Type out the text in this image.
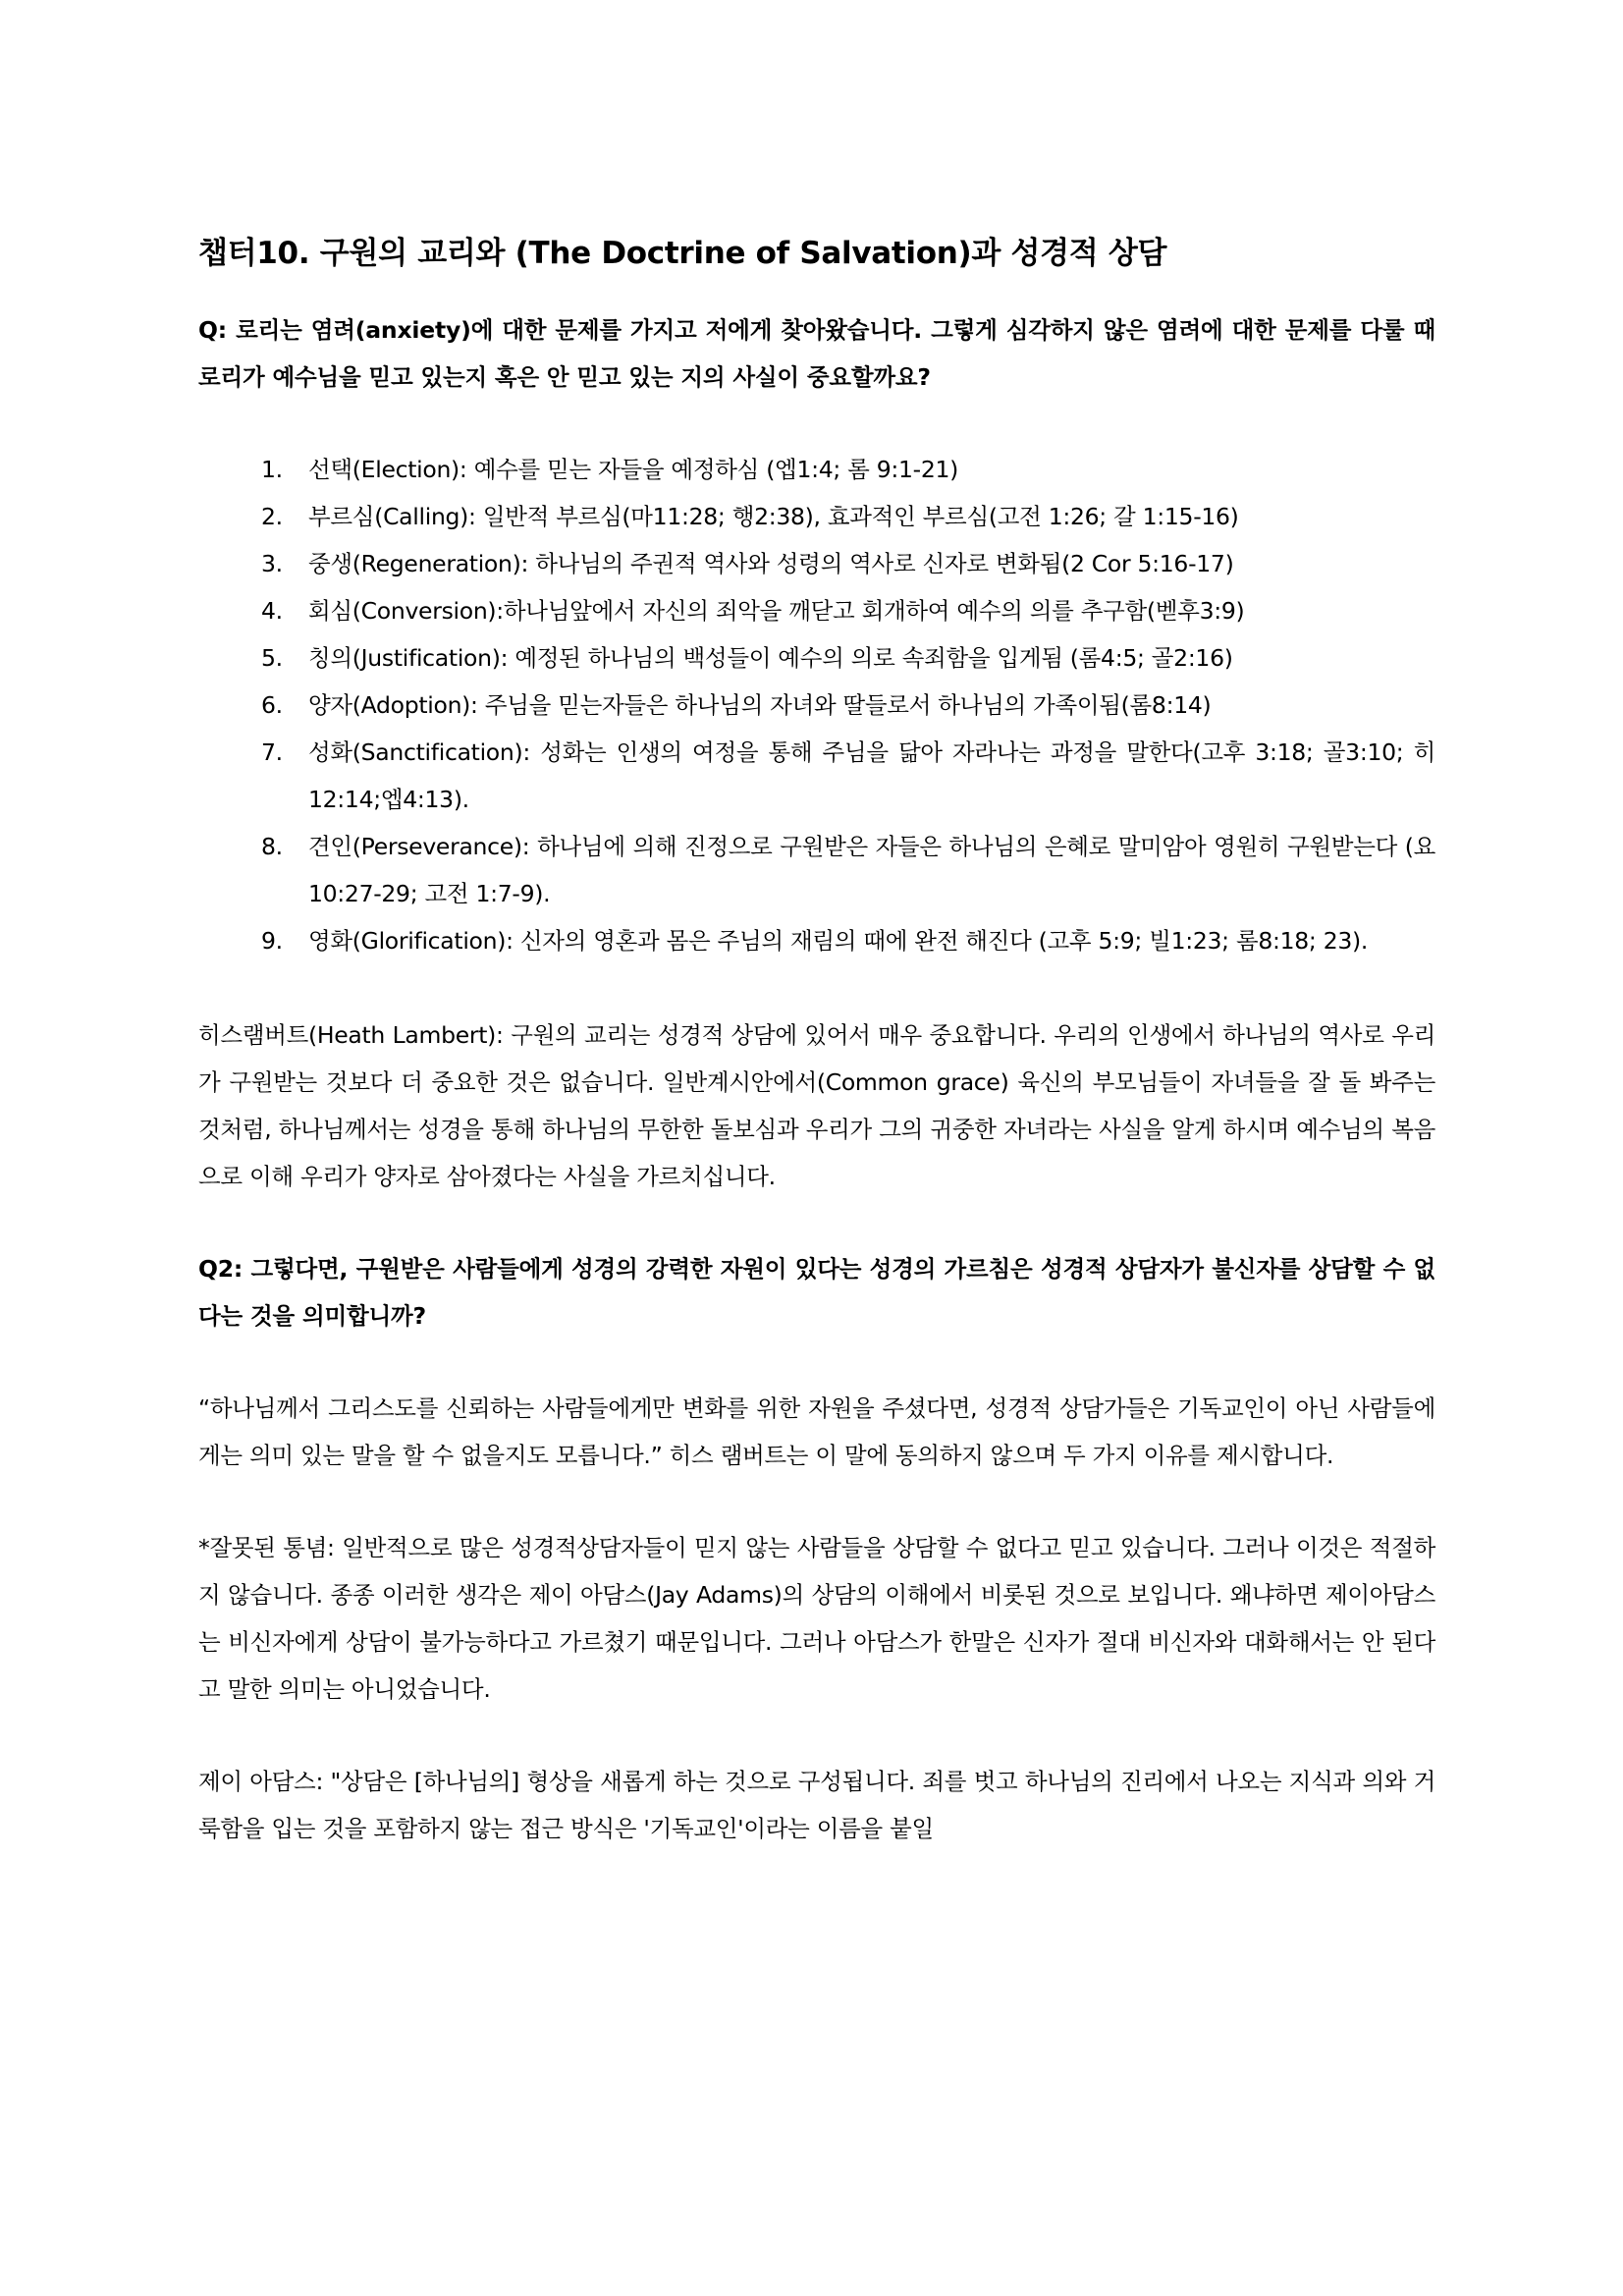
챕터10. 구원의 교리와 (The Doctrine of Salvation)과 성경적 상담

Q: 로리는 염려(anxiety)에 대한 문제를 가지고 저에게 찾아왔습니다. 그렇게 심각하지 않은 염려에 대한 문제를 다룰 때 로리가 예수님을 믿고 있는지 혹은 안 믿고 있는 지의 사실이 중요할까요?

1. 선택(Election): 예수를 믿는 자들을 예정하심 (엡1:4; 롬 9:1-21)
2. 부르심(Calling): 일반적 부르심(마11:28; 행2:38), 효과적인 부르심(고전 1:26; 갈 1:15-16)
3. 중생(Regeneration): 하나님의 주권적 역사와 성령의 역사로 신자로 변화됨(2 Cor 5:16-17)
4. 회심(Conversion):하나님앞에서 자신의 죄악을 깨닫고 회개하여 예수의 의를 추구함(벧후3:9)
5. 칭의(Justification): 예정된 하나님의 백성들이 예수의 의로 속죄함을 입게됨 (롬4:5; 골2:16)
6. 양자(Adoption): 주님을 믿는자들은 하나님의 자녀와 딸들로서 하나님의 가족이됨(롬8:14)
7. 성화(Sanctification): 성화는 인생의 여정을 통해 주님을 닮아 자라나는 과정을 말한다(고후 3:18; 골3:10; 히12:14;엡4:13).
8. 견인(Perseverance): 하나님에 의해 진정으로 구원받은 자들은 하나님의 은혜로 말미암아 영원히 구원받는다 (요10:27-29; 고전 1:7-9).
9. 영화(Glorification): 신자의 영혼과 몸은 주님의 재림의 때에 완전 해진다 (고후 5:9; 빌1:23; 롬8:18; 23).

히스램버트(Heath Lambert): 구원의 교리는 성경적 상담에 있어서 매우 중요합니다. 우리의 인생에서 하나님의 역사로 우리가 구원받는 것보다 더 중요한 것은 없습니다. 일반계시안에서(Common grace) 육신의 부모님들이 자녀들을 잘 돌 봐주는 것처럼, 하나님께서는 성경을 통해 하나님의 무한한 돌보심과 우리가 그의 귀중한 자녀라는 사실을 알게 하시며 예수님의 복음으로 이해 우리가 양자로 삼아졌다는 사실을 가르치십니다.

Q2: 그렇다면, 구원받은 사람들에게 성경의 강력한 자원이 있다는 성경의 가르침은 성경적 상담자가 불신자를 상담할 수 없다는 것을 의미합니까?

“하나님께서 그리스도를 신뢰하는 사람들에게만 변화를 위한 자원을 주셨다면, 성경적 상담가들은 기독교인이 아닌 사람들에게는 의미 있는 말을 할 수 없을지도 모릅니다.” 히스 램버트는 이 말에 동의하지 않으며 두 가지 이유를 제시합니다.

*잘못된 통념: 일반적으로 많은 성경적상담자들이 믿지 않는 사람들을 상담할 수 없다고 믿고 있습니다. 그러나 이것은 적절하지 않습니다. 종종 이러한 생각은 제이 아담스(Jay Adams)의 상담의 이해에서 비롯된 것으로 보입니다. 왜냐하면 제이아담스는 비신자에게 상담이 불가능하다고 가르쳤기 때문입니다. 그러나 아담스가 한말은 신자가 절대 비신자와 대화해서는 안 된다고 말한 의미는 아니었습니다.

제이 아담스: "상담은 [하나님의] 형상을 새롭게 하는 것으로 구성됩니다. 죄를 벗고 하나님의 진리에서 나오는 지식과 의와 거룩함을 입는 것을 포함하지 않는 접근 방식은 '기독교인'이라는 이름을 붙일
